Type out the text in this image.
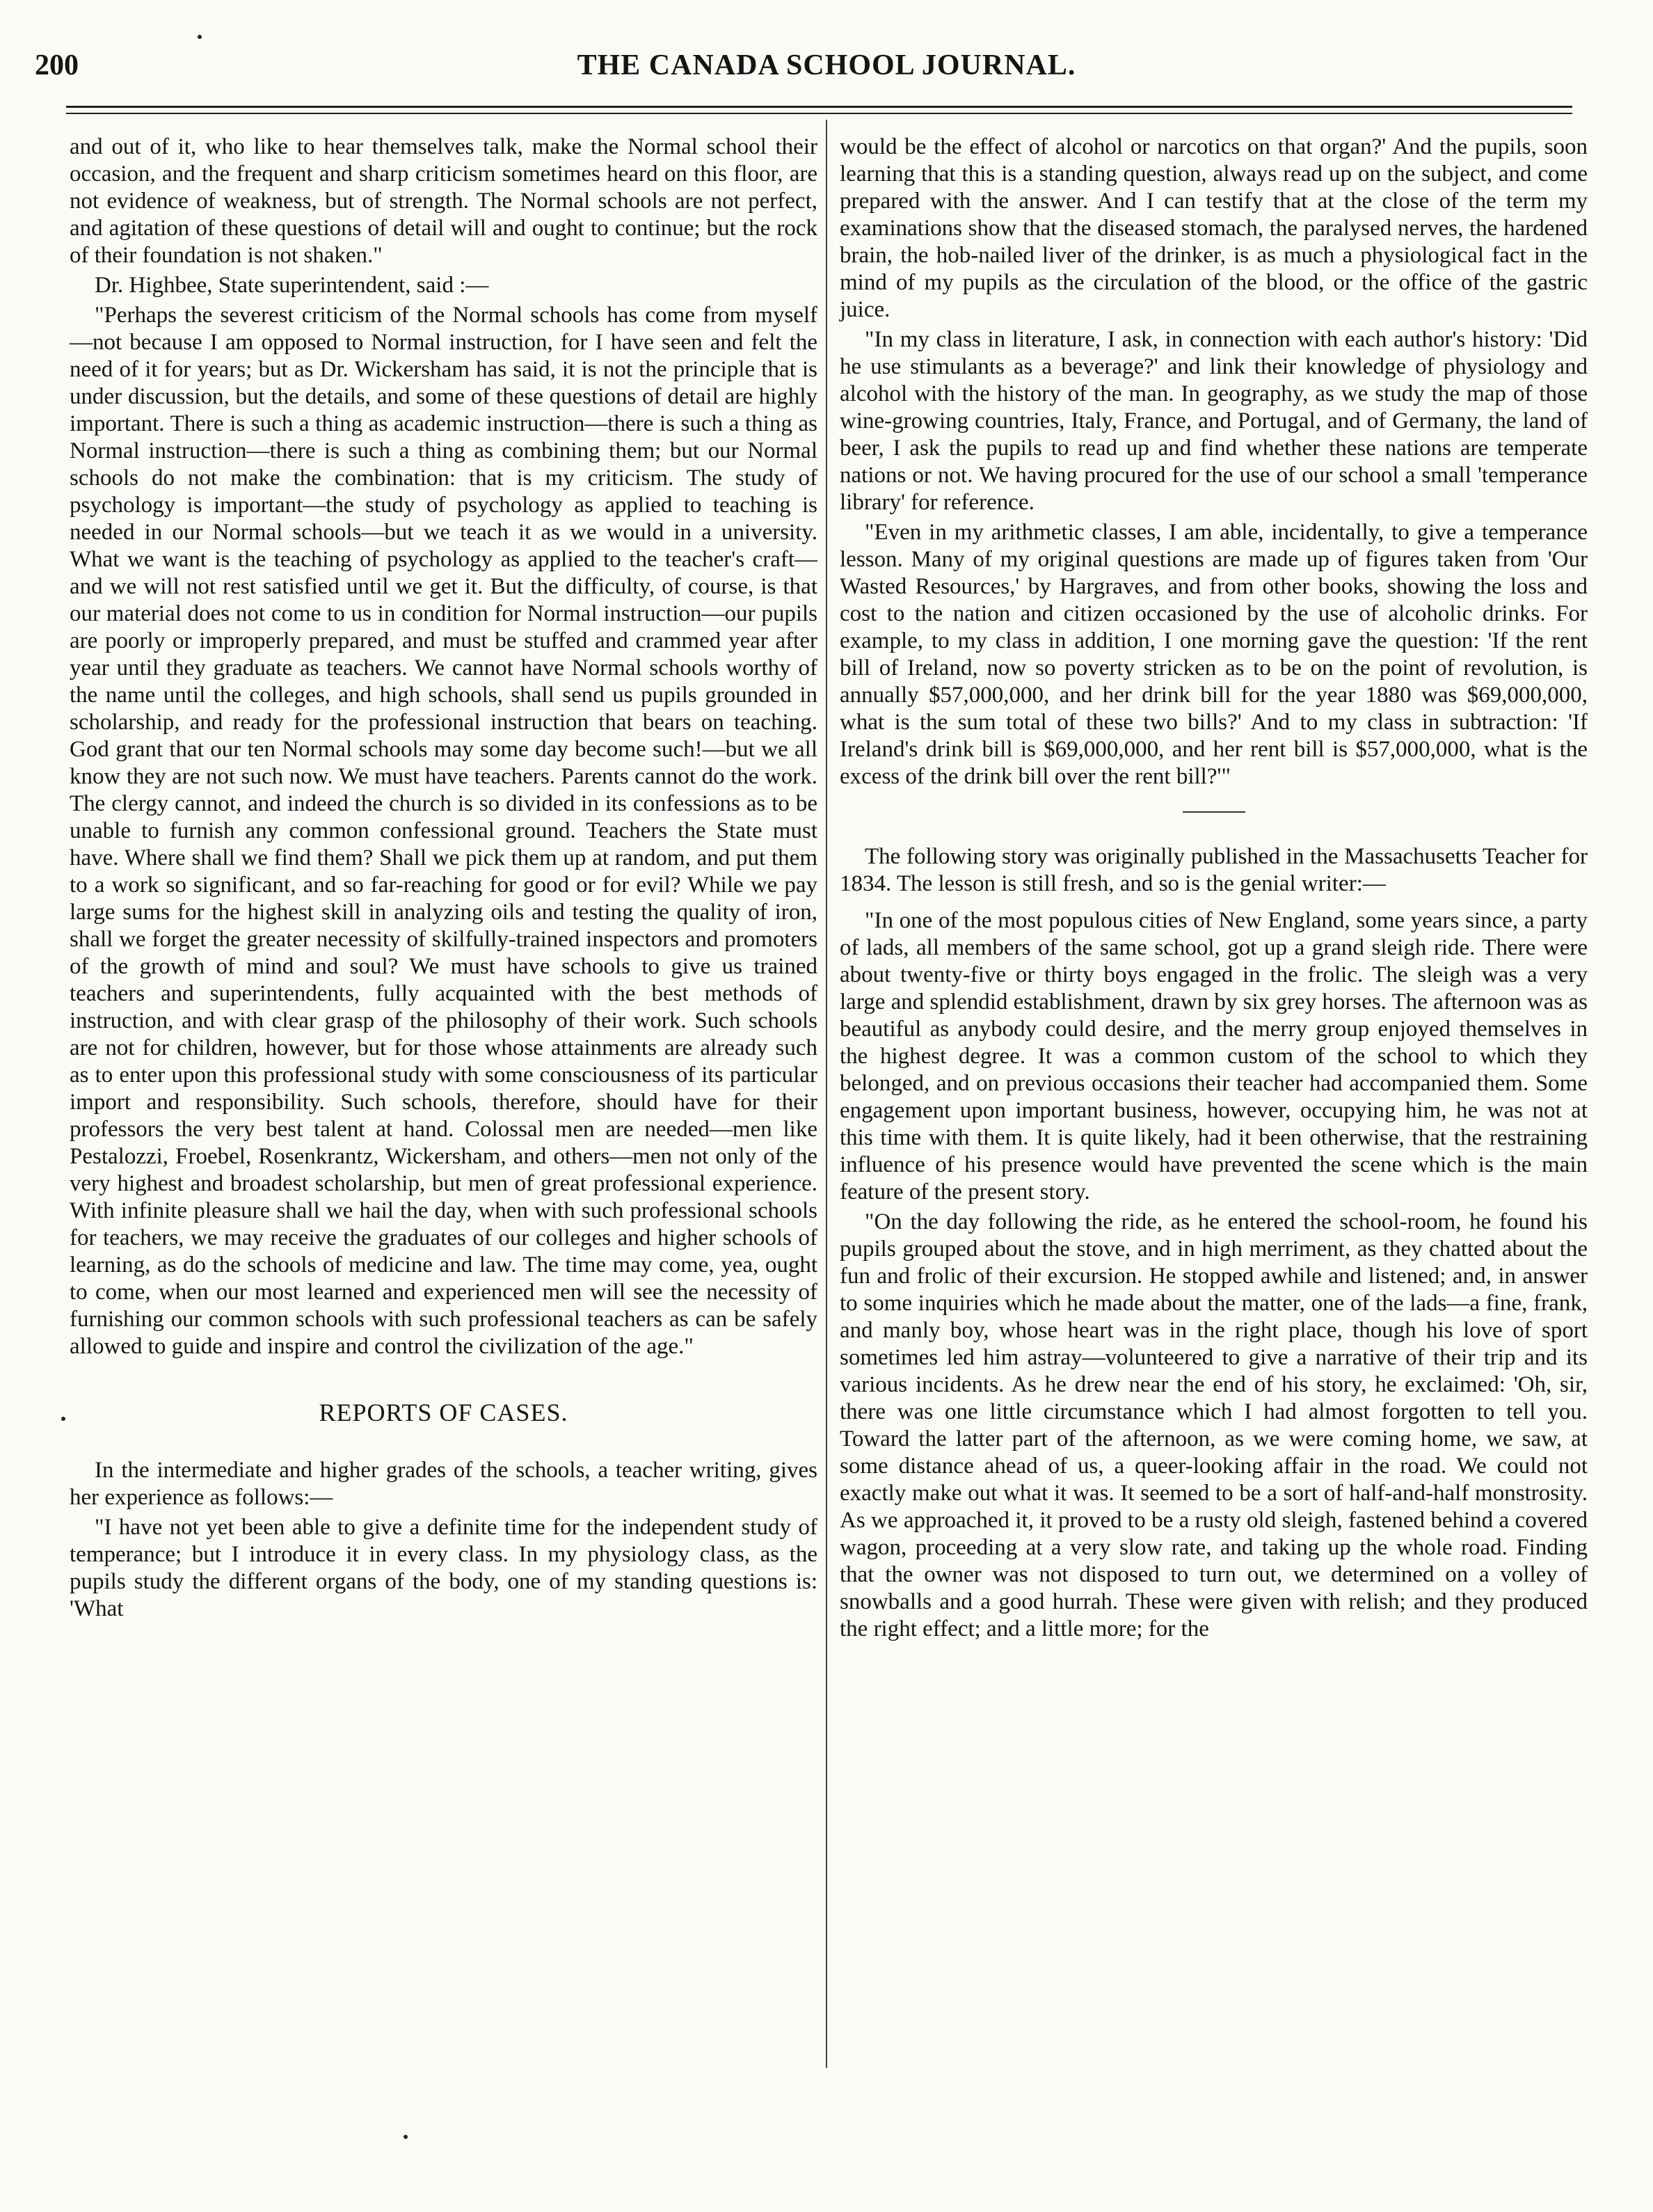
200	THE CANADA SCHOOL JOURNAL.

and out of it, who like to hear themselves talk, make the Normal school their occasion, and the frequent and sharp criticism sometimes heard on this floor, are not evidence of weakness, but of strength. The Normal schools are not perfect, and agitation of these questions of detail will and ought to continue; but the rock of their foundation is not shaken."

Dr. Highbee, State superintendent, said :—

"Perhaps the severest criticism of the Normal schools has come from myself—not because I am opposed to Normal instruction, for I have seen and felt the need of it for years; but as Dr. Wickersham has said, it is not the principle that is under discussion, but the details, and some of these questions of detail are highly important. There is such a thing as academic instruction—there is such a thing as Normal instruction—there is such a thing as combining them; but our Normal schools do not make the combination: that is my criticism. The study of psychology is important—the study of psychology as applied to teaching is needed in our Normal schools—but we teach it as we would in a university. What we want is the teaching of psychology as applied to the teacher's craft—and we will not rest satisfied until we get it. But the difficulty, of course, is that our material does not come to us in condition for Normal instruction—our pupils are poorly or improperly prepared, and must be stuffed and crammed year after year until they graduate as teachers. We cannot have Normal schools worthy of the name until the colleges, and high schools, shall send us pupils grounded in scholarship, and ready for the professional instruction that bears on teaching. God grant that our ten Normal schools may some day become such!—but we all know they are not such now. We must have teachers. Parents cannot do the work. The clergy cannot, and indeed the church is so divided in its confessions as to be unable to furnish any common confessional ground. Teachers the State must have. Where shall we find them? Shall we pick them up at random, and put them to a work so significant, and so far-reaching for good or for evil? While we pay large sums for the highest skill in analyzing oils and testing the quality of iron, shall we forget the greater necessity of skilfully-trained inspectors and promoters of the growth of mind and soul? We must have schools to give us trained teachers and superintendents, fully acquainted with the best methods of instruction, and with clear grasp of the philosophy of their work. Such schools are not for children, however, but for those whose attainments are already such as to enter upon this professional study with some consciousness of its particular import and responsibility. Such schools, therefore, should have for their professors the very best talent at hand. Colossal men are needed—men like Pestalozzi, Froebel, Rosenkrantz, Wickersham, and others—men not only of the very highest and broadest scholarship, but men of great professional experience. With infinite pleasure shall we hail the day, when with such professional schools for teachers, we may receive the graduates of our colleges and higher schools of learning, as do the schools of medicine and law. The time may come, yea, ought to come, when our most learned and experienced men will see the necessity of furnishing our common schools with such professional teachers as can be safely allowed to guide and inspire and control the civilization of the age."

REPORTS OF CASES.

In the intermediate and higher grades of the schools, a teacher writing, gives her experience as follows:—

"I have not yet been able to give a definite time for the independent study of temperance; but I introduce it in every class. In my physiology class, as the pupils study the different organs of the body, one of my standing questions is: 'What

would be the effect of alcohol or narcotics on that organ?' And the pupils, soon learning that this is a standing question, always read up on the subject, and come prepared with the answer. And I can testify that at the close of the term my examinations show that the diseased stomach, the paralysed nerves, the hardened brain, the hob-nailed liver of the drinker, is as much a physiological fact in the mind of my pupils as the circulation of the blood, or the office of the gastric juice.

"In my class in literature, I ask, in connection with each author's history: 'Did he use stimulants as a beverage?' and link their knowledge of physiology and alcohol with the history of the man. In geography, as we study the map of those wine-growing countries, Italy, France, and Portugal, and of Germany, the land of beer, I ask the pupils to read up and find whether these nations are temperate nations or not. We having procured for the use of our school a small 'temperance library' for reference.

"Even in my arithmetic classes, I am able, incidentally, to give a temperance lesson. Many of my original questions are made up of figures taken from 'Our Wasted Resources,' by Hargraves, and from other books, showing the loss and cost to the nation and citizen occasioned by the use of alcoholic drinks. For example, to my class in addition, I one morning gave the question: 'If the rent bill of Ireland, now so poverty stricken as to be on the point of revolution, is annually $57,000,000, and her drink bill for the year 1880 was $69,000,000, what is the sum total of these two bills?' And to my class in subtraction: 'If Ireland's drink bill is $69,000,000, and her rent bill is $57,000,000, what is the excess of the drink bill over the rent bill?'"

The following story was originally published in the Massachusetts Teacher for 1834. The lesson is still fresh, and so is the genial writer:—

"In one of the most populous cities of New England, some years since, a party of lads, all members of the same school, got up a grand sleigh ride. There were about twenty-five or thirty boys engaged in the frolic. The sleigh was a very large and splendid establishment, drawn by six grey horses. The afternoon was as beautiful as anybody could desire, and the merry group enjoyed themselves in the highest degree. It was a common custom of the school to which they belonged, and on previous occasions their teacher had accompanied them. Some engagement upon important business, however, occupying him, he was not at this time with them. It is quite likely, had it been otherwise, that the restraining influence of his presence would have prevented the scene which is the main feature of the present story.

"On the day following the ride, as he entered the school-room, he found his pupils grouped about the stove, and in high merriment, as they chatted about the fun and frolic of their excursion. He stopped awhile and listened; and, in answer to some inquiries which he made about the matter, one of the lads—a fine, frank, and manly boy, whose heart was in the right place, though his love of sport sometimes led him astray—volunteered to give a narrative of their trip and its various incidents. As he drew near the end of his story, he exclaimed: 'Oh, sir, there was one little circumstance which I had almost forgotten to tell you. Toward the latter part of the afternoon, as we were coming home, we saw, at some distance ahead of us, a queer-looking affair in the road. We could not exactly make out what it was. It seemed to be a sort of half-and-half monstrosity. As we approached it, it proved to be a rusty old sleigh, fastened behind a covered wagon, proceeding at a very slow rate, and taking up the whole road. Finding that the owner was not disposed to turn out, we determined on a volley of snowballs and a good hurrah. These were given with relish; and they produced the right effect; and a little more; for the
